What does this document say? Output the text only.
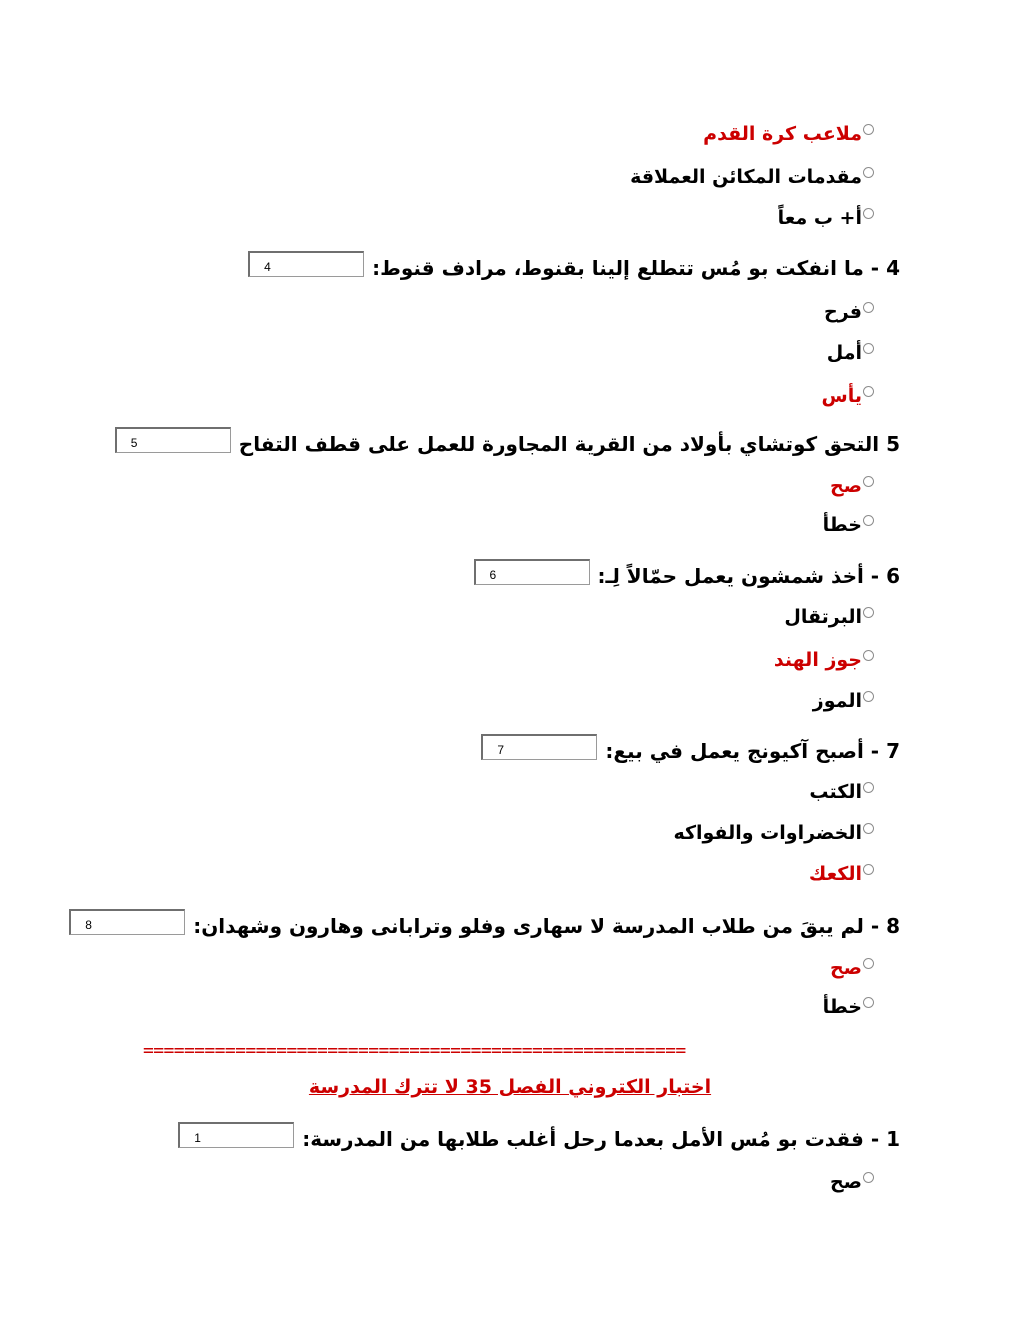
ملاعب كرة القدم
مقدمات المكائن العملاقة
أ+ ب معاً
4 - ما انفكت بو مُس تتطلع إلينا بقنوط، مرادف قنوط:
4
فرح
أمل
يأس
5 التحق كوتشاي بأولاد من القرية المجاورة للعمل على قطف التفاح
5
صح
خطأ
6 - أخذ شمشون يعمل حمّالاً لِـ:
6
البرتقال
جوز الهند
الموز
7 - أصبح آكيونج يعمل في بيع:
7
الكتب
الخضراوات والفواكه
الكعك
8 - لم يبقَ من طلاب المدرسة لا سهارى وفلو وترابانى وهارون وشهدان:
8
صح
خطأ
=====================================================
اختبار الكتروني الفصل 35 لا تترك المدرسة
1 - فقدت بو مُس الأمل بعدما رحل أغلب طلابها من المدرسة:
1
صح
